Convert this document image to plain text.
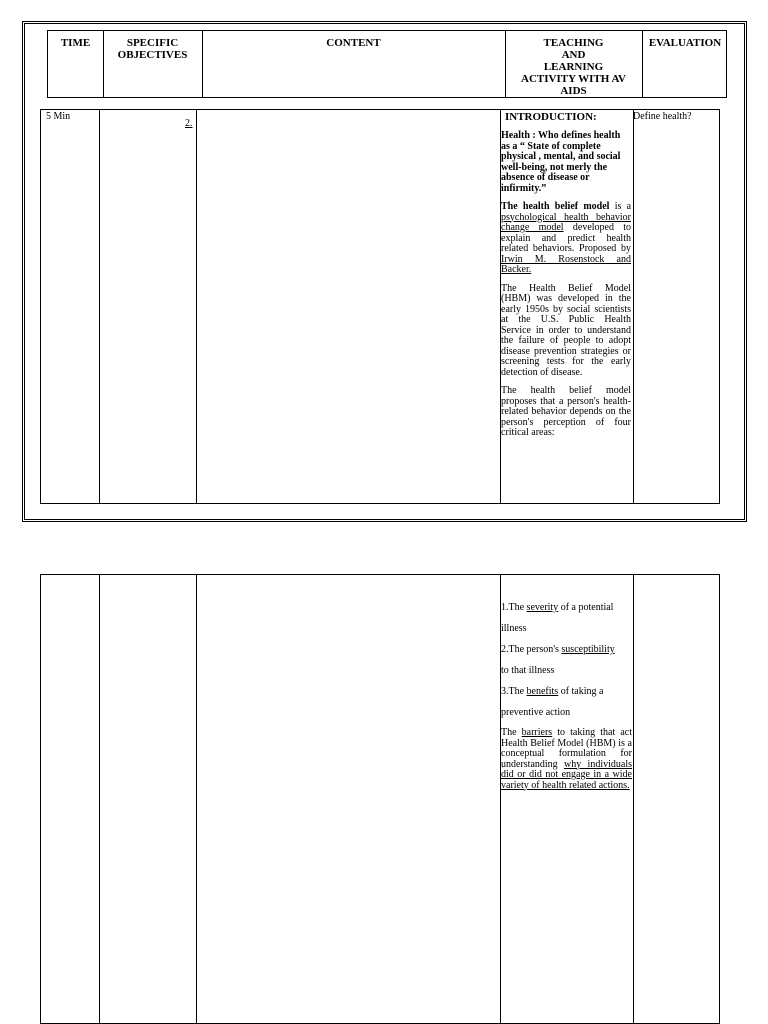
TIME	SPECIFIC
OBJECTIVES
CONTENT	TEACHING
AND
LEARNING
ACTIVITY WITH AV
AIDS
EVALUATION
5 Min
2.

INTRODUCTION:

Health : Who defines health as a “ State of complete physical , mental, and social well-being, not merly the absence of disease or infirmity.”

The health belief model is a psychological health behavior change model developed to explain and predict health related behaviors. Proposed by Irwin M. Rosenstock and Backer.

The Health Belief Model (HBM) was developed in the early 1950s by social scientists at the U.S. Public Health Service in order to understand the failure of people to adopt disease prevention strategies or screening tests for the early detection of disease.

The health belief model proposes that a person's health- related behavior depends on the person's perception of four critical areas:

Define health?

1.The severity of a potential

illness

2.The person's susceptibility

to that illness

3.The benefits of taking a

preventive action

The barriers to taking that act Health Belief Model (HBM) is a conceptual formulation for understanding why individuals did or did not engage in a wide variety of health related actions.
